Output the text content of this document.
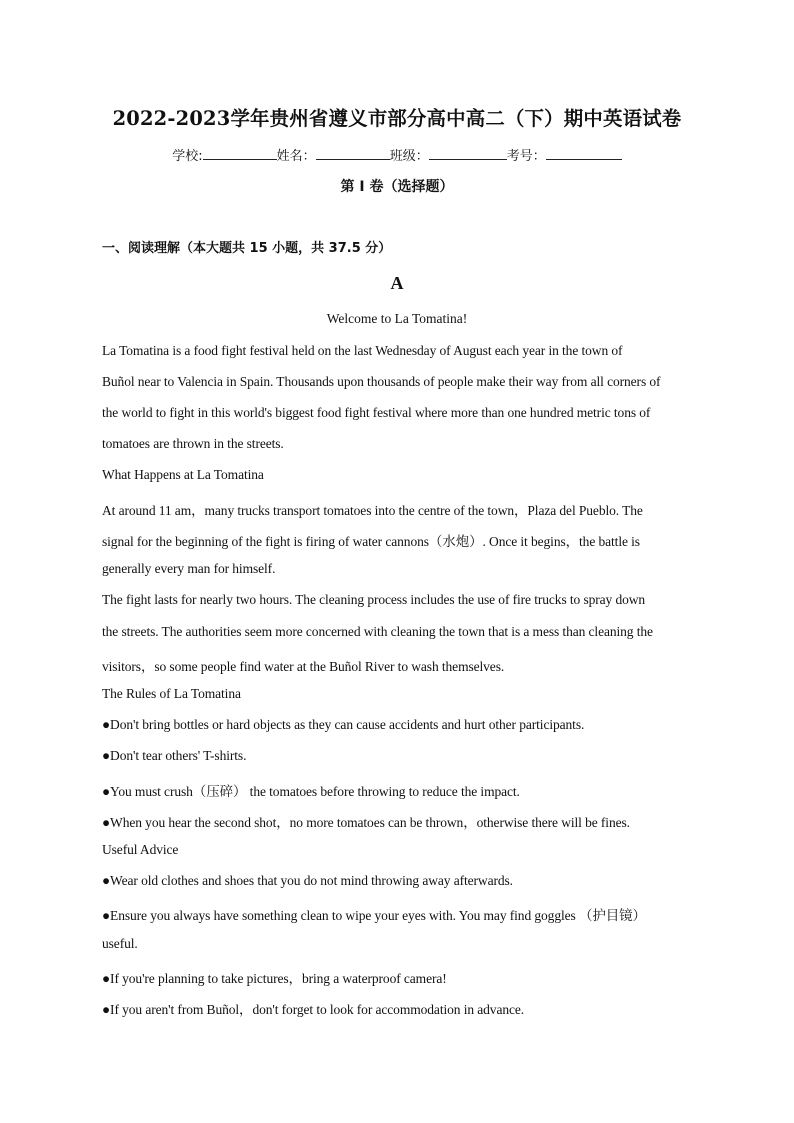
2022-2023学年贵州省遵义市部分高中高二（下）期中英语试卷
学校:	姓名：	班级：	考号：
第 I 卷（选择题）
一、阅读理解（本大题共 15 小题，共 37.5 分）
A
Welcome to La Tomatina!
La Tomatina is a food fight festival held on the last Wednesday of August each year in the town of
Buñol near to Valencia in Spain. Thousands upon thousands of people make their way from all corners of
the world to fight in this world's biggest food fight festival where more than one hundred metric tons of
tomatoes are thrown in the streets.
What Happens at La Tomatina
At around 11 am，many trucks transport tomatoes into the centre of the town，Plaza del Pueblo. The
signal for the beginning of the fight is firing of water cannons（水炮）. Once it begins，the battle is
generally every man for himself.
The fight lasts for nearly two hours. The cleaning process includes the use of fire trucks to spray down
the streets. The authorities seem more concerned with cleaning the town that is a mess than cleaning the
visitors，so some people find water at the Buñol River to wash themselves.
The Rules of La Tomatina
●Don't bring bottles or hard objects as they can cause accidents and hurt other participants.
●Don't tear others' T-shirts.
●You must crush（压碎） the tomatoes before throwing to reduce the impact.
●When you hear the second shot，no more tomatoes can be thrown，otherwise there will be fines.
Useful Advice
●Wear old clothes and shoes that you do not mind throwing away afterwards.
●Ensure you always have something clean to wipe your eyes with. You may find goggles （护目镜）
useful.
●If you're planning to take pictures，bring a waterproof camera!
●If you aren't from Buñol，don't forget to look for accommodation in advance.
